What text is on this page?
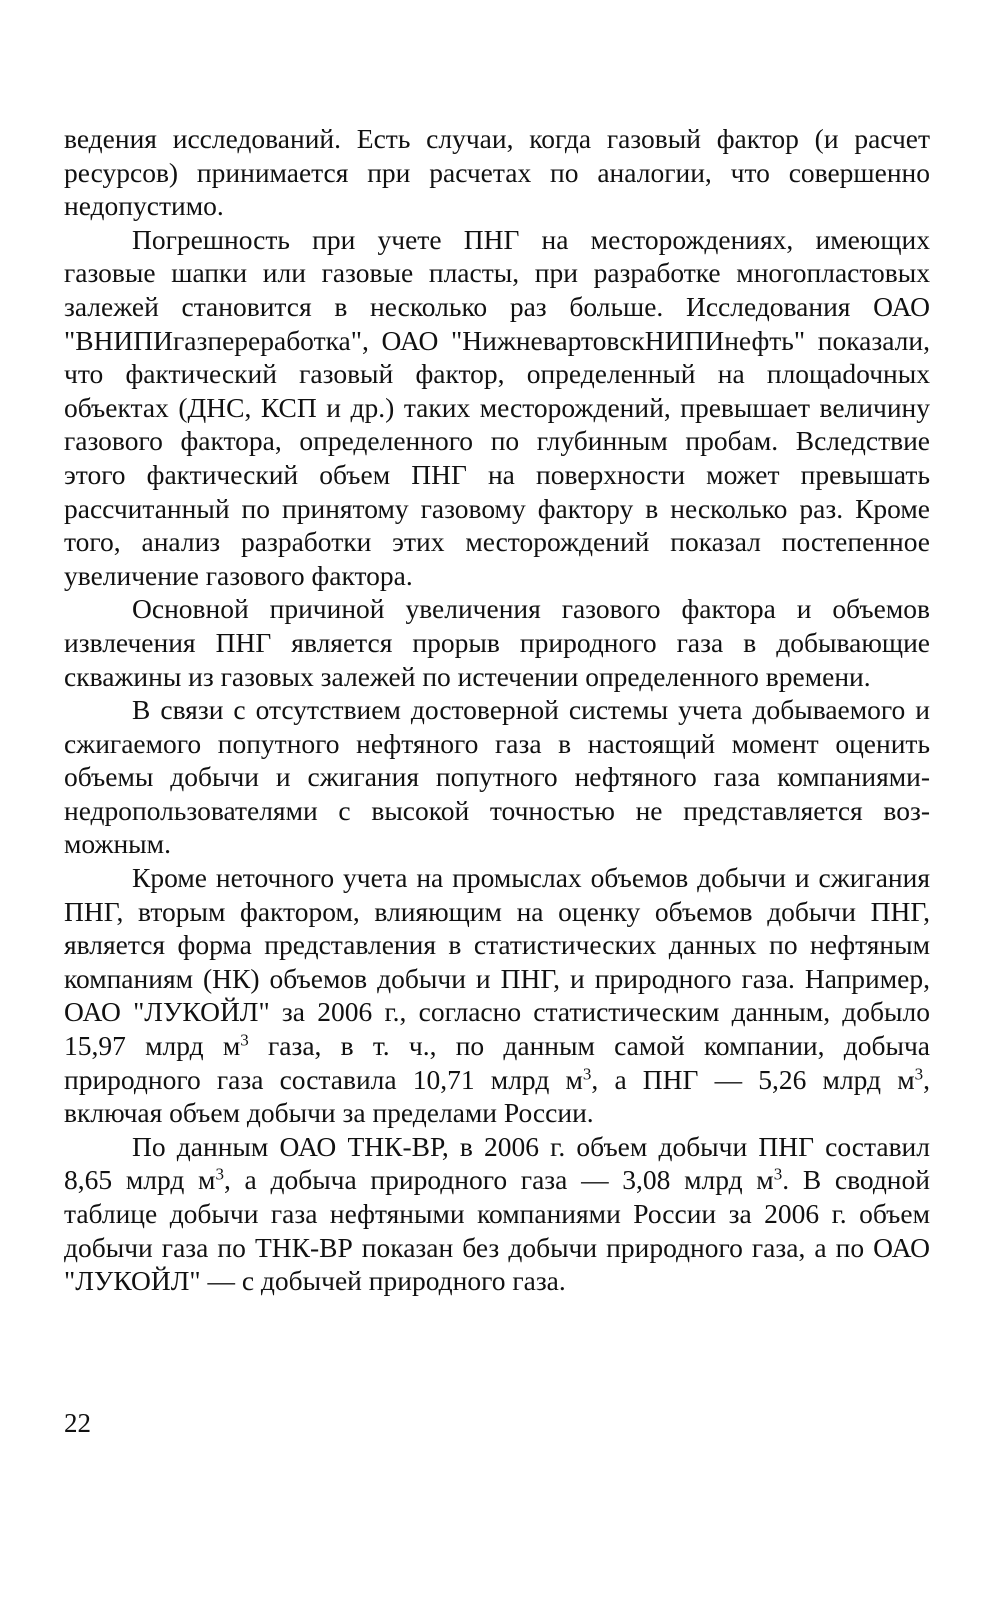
ведения исследований. Есть случаи, когда газовый фактор (и расчет ресурсов) принимается при расчетах по аналогии, что совершенно недопустимо.

Погрешность при учете ПНГ на месторождениях, имеющих газовые шапки или газовые пласты, при разработке многопластовых залежей становится в несколько раз больше. Исследования ОАО "ВНИПИгазпереработка", ОАО "НижневартовскНИПИнефть" показали, что фактический газовый фактор, определенный на площаdочных объектах (ДНС, КСП и др.) таких месторождений, превышает величину газового фактора, определенного по глубинным пробам. Вследствие этого фактический объем ПНГ на поверхности может превышать рассчитанный по принятому газовому фактору в несколько раз. Кроме того, анализ разработки этих месторождений показал постепенное увеличение газового фактора.

Основной причиной увеличения газового фактора и объемов извлечения ПНГ является прорыв природного газа в добывающие скважины из газовых залежей по истечении определенного времени.

В связи с отсутствием достоверной системы учета добываемого и сжигаемого попутного нефтяного газа в настоящий момент оценить объемы добычи и сжигания попутного нефтяного газа компаниями-недропользователями с высокой точностью не представляется возможным.

Кроме неточного учета на промыслах объемов добычи и сжигания ПНГ, вторым фактором, влияющим на оценку объемов добычи ПНГ, является форма представления в статистических данных по нефтяным компаниям (НК) объемов добычи и ПНГ, и природного газа. Например, ОАО "ЛУКОЙЛ" за 2006 г., согласно статистическим данным, добыло 15,97 млрд $м^3$ газа, в т. ч., по данным самой компании, добыча природного газа составила 10,71 млрд $м^3$, а ПНГ — 5,26 млрд $м^3$, включая объем добычи за пределами России.

По данным ОАО ТНК-ВР, в 2006 г. объем добычи ПНГ составил 8,65 млрд $м^3$, а добыча природного газа — 3,08 млрд $м^3$. В сводной таблице добычи газа нефтяными компаниями России за 2006 г. объем добычи газа по ТНК-ВР показан без добычи природного газа, а по ОАО "ЛУКОЙЛ" — с добычей природного газа.

22
